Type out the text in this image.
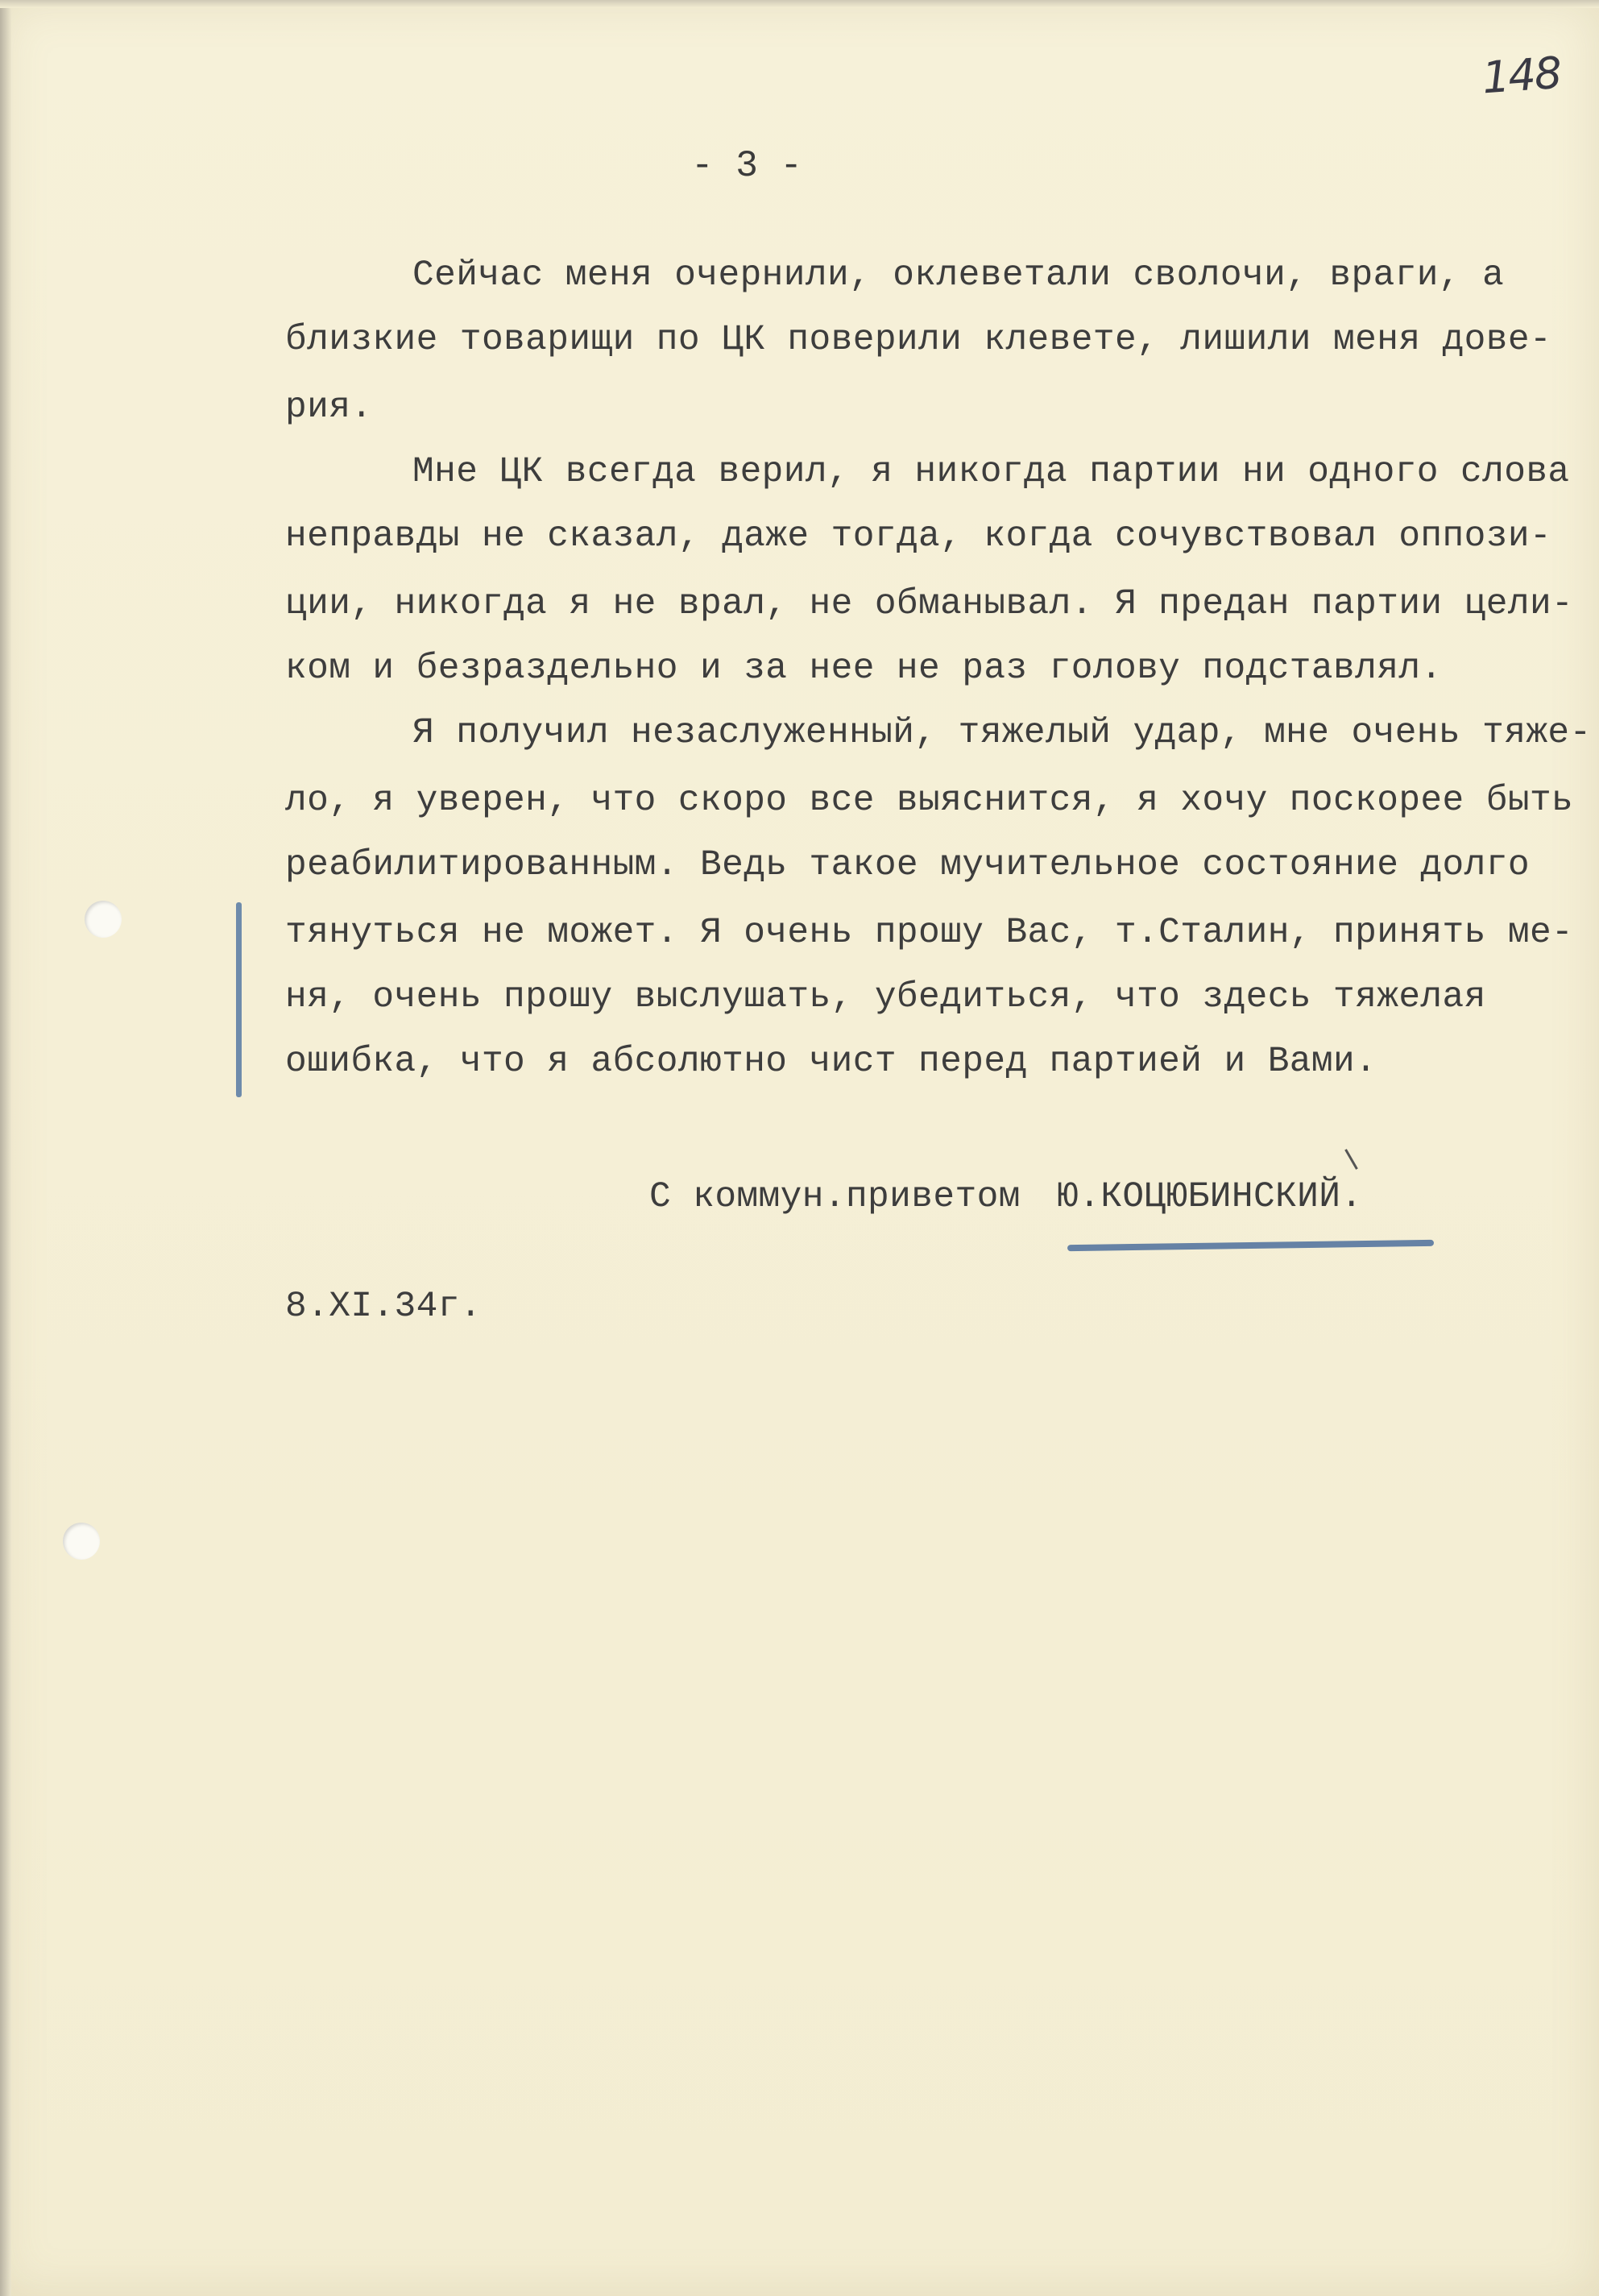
148
- 3 -
Сейчас меня очернили, оклеветали сволочи, враги, а
близкие товарищи по ЦК поверили клевете, лишили меня дове-
рия.
Мне ЦК всегда верил, я никогда партии ни одного слова
неправды не сказал, даже тогда, когда сочувствовал оппози-
ции, никогда я не врал, не обманывал. Я предан партии цели-
ком и безраздельно и за нее не раз голову подставлял.
Я получил незаслуженный, тяжелый удар, мне очень тяже-
ло, я уверен, что скоро все выяснится, я хочу поскорее быть
реабилитированным. Ведь такое мучительное состояние долго
тянуться не может. Я очень прошу Вас, т.Сталин, принять ме-
ня, очень прошу выслушать, убедиться, что здесь тяжелая
ошибка, что я абсолютно чист перед партией и Вами.
С коммун.приветом Ю.КОЦЮБИНСКИЙ.
8.XI.34г.
